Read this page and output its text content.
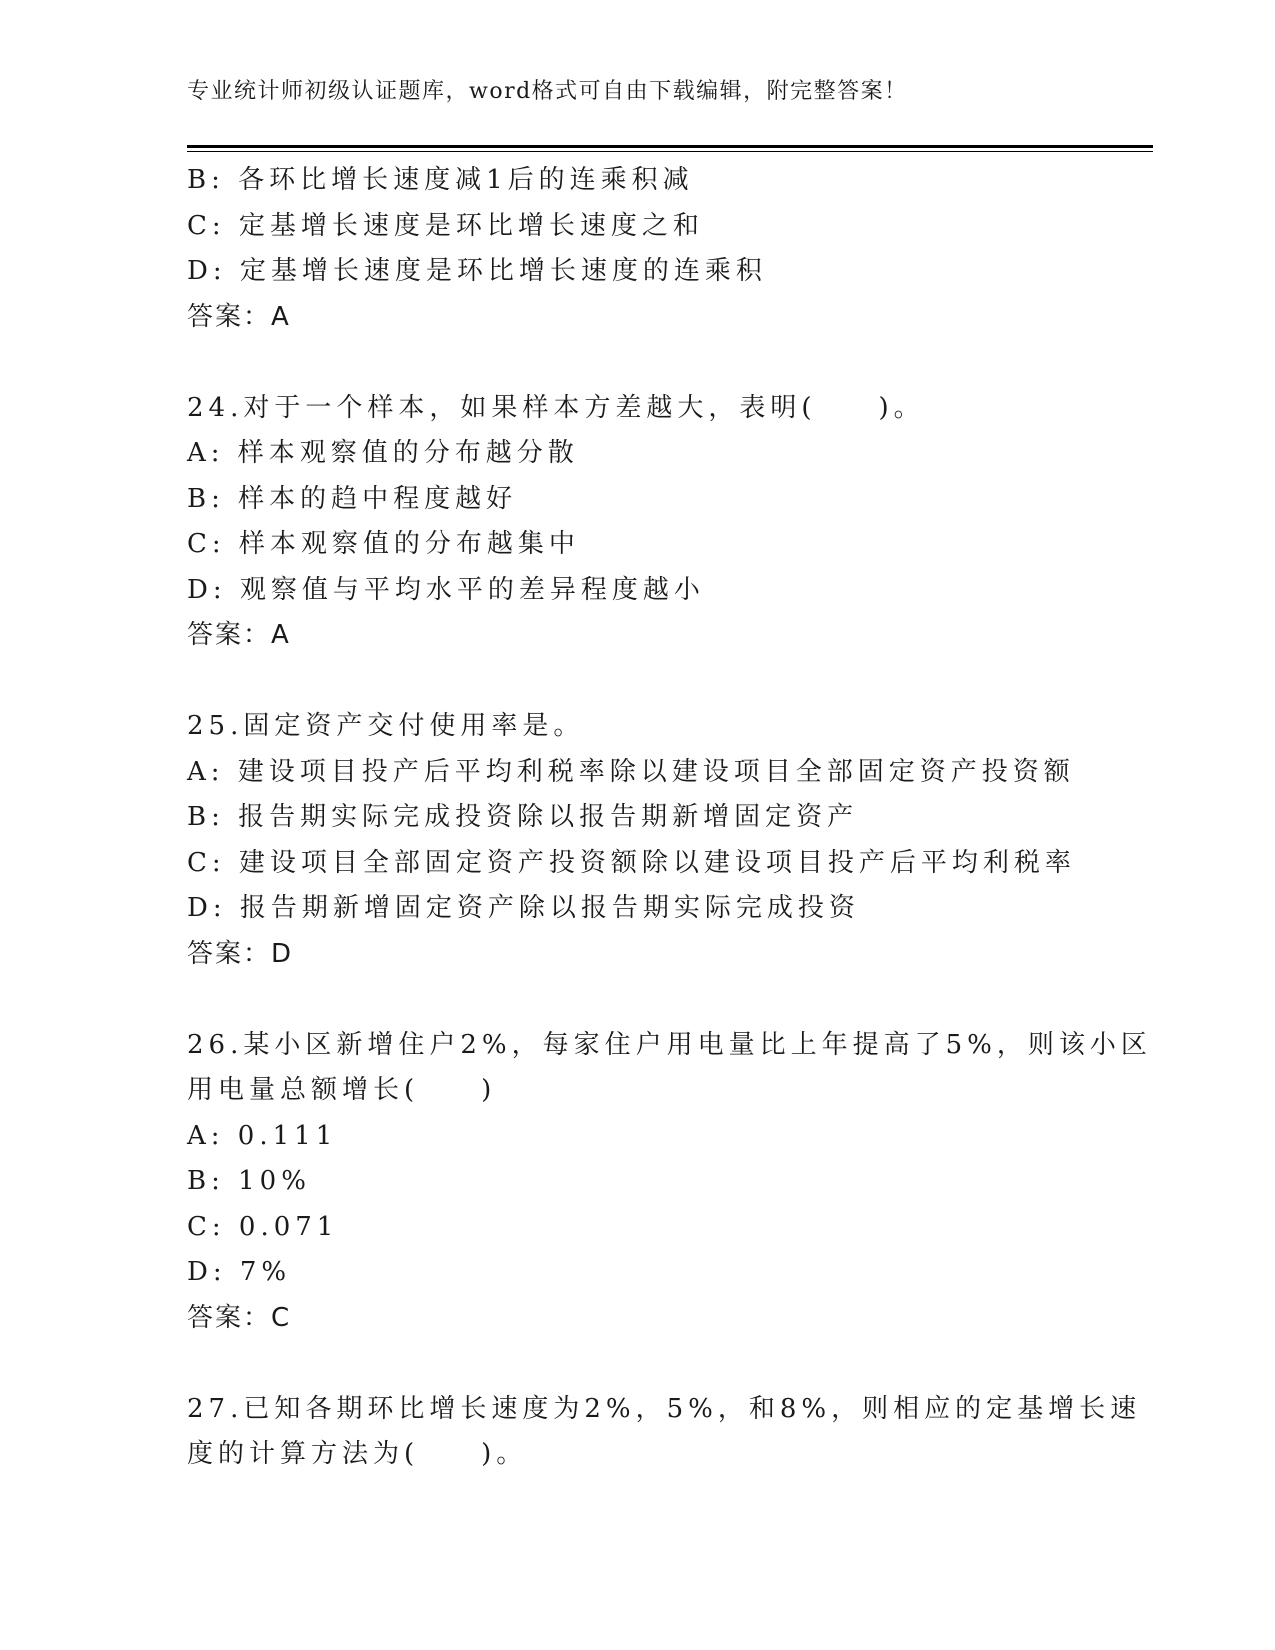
专业统计师初级认证题库，word格式可自由下载编辑，附完整答案！
B: 各环比增长速度减1后的连乘积减
C: 定基增长速度是环比增长速度之和
D: 定基增长速度是环比增长速度的连乘积
答案：A
24.对于一个样本，如果样本方差越大，表明(　　)。
A: 样本观察值的分布越分散
B: 样本的趋中程度越好
C: 样本观察值的分布越集中
D: 观察值与平均水平的差异程度越小
答案：A
25.固定资产交付使用率是。
A: 建设项目投产后平均利税率除以建设项目全部固定资产投资额
B: 报告期实际完成投资除以报告期新增固定资产
C: 建设项目全部固定资产投资额除以建设项目投产后平均利税率
D: 报告期新增固定资产除以报告期实际完成投资
答案：D
26.某小区新增住户2%，每家住户用电量比上年提高了5%，则该小区
用电量总额增长(　　)
A: 0.111
B: 10%
C: 0.071
D: 7%
答案：C
27.已知各期环比增长速度为2%，5%，和8%，则相应的定基增长速
度的计算方法为(　　)。
